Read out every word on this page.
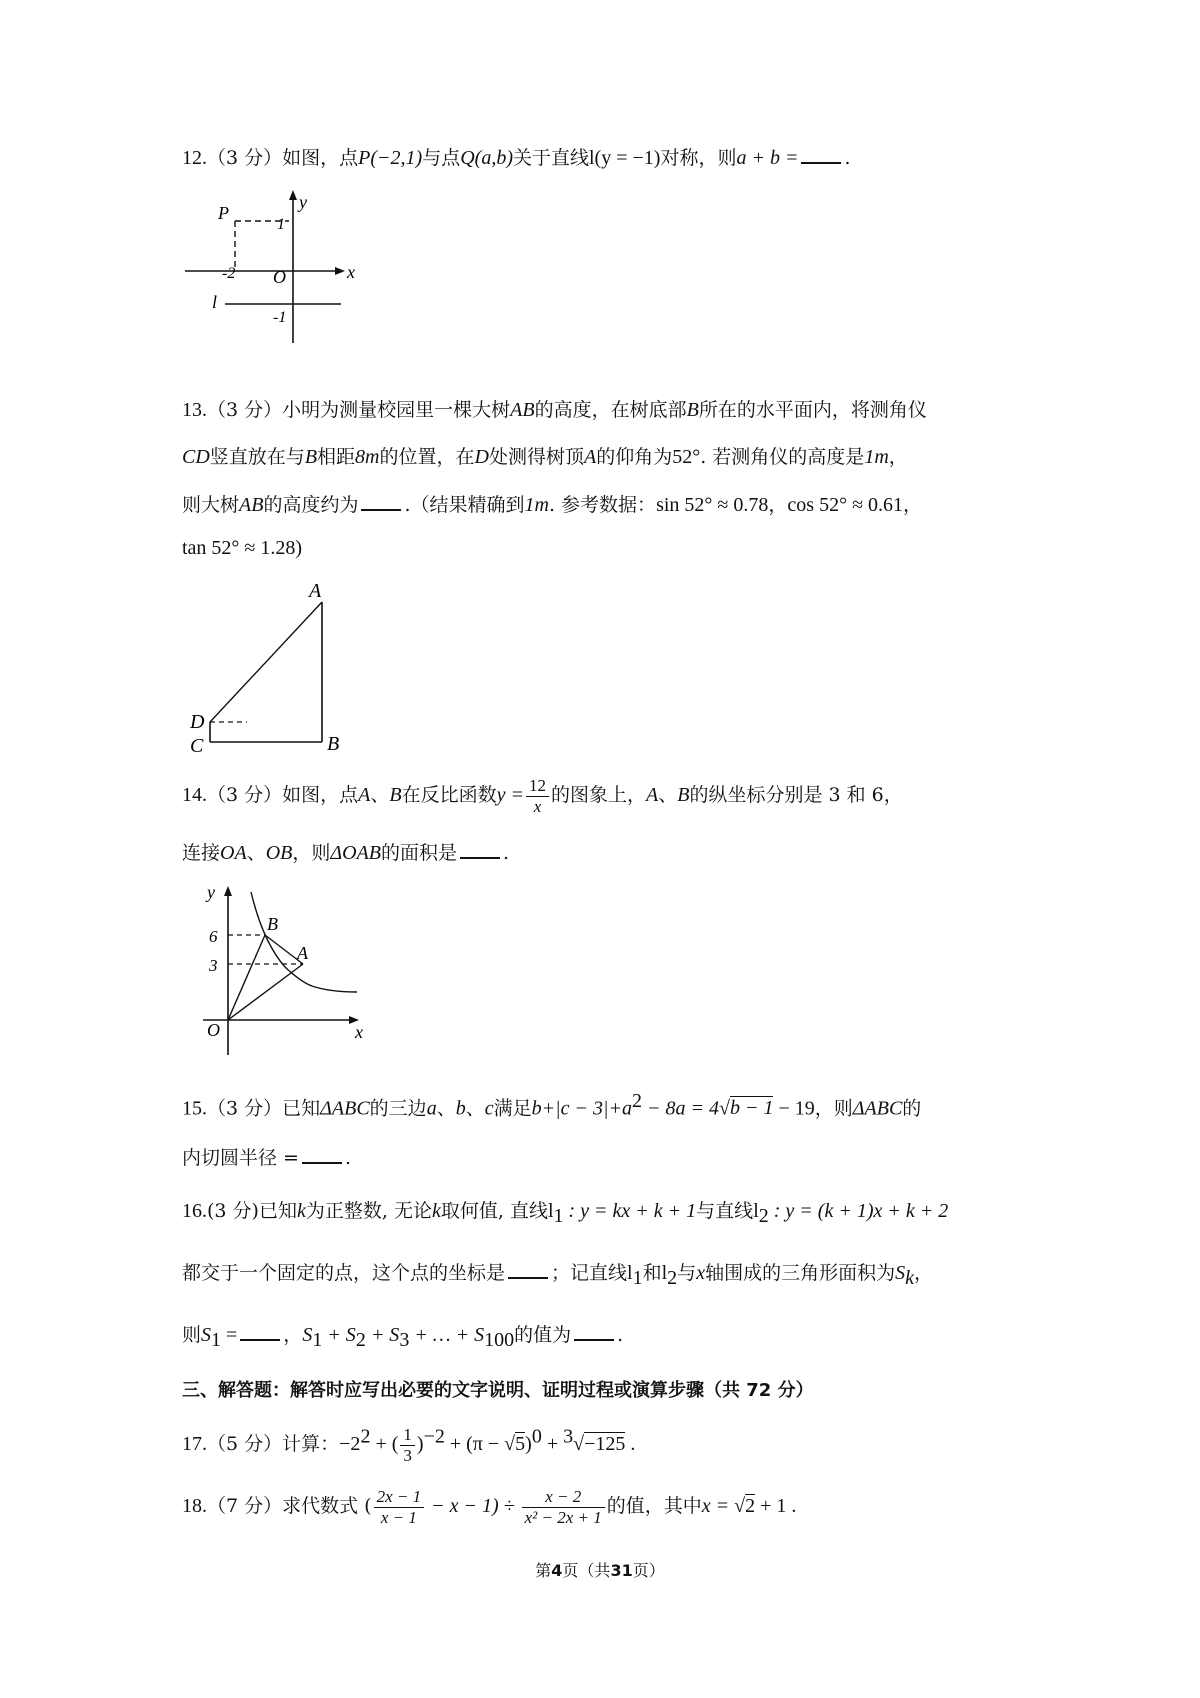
12.（3 分）如图，点P(−2,1)与点Q(a,b)关于直线l(y = −1)对称，则a + b = .
P
1
y
-2 O	x
l
-1
13.（3 分）小明为测量校园里一棵大树AB的高度，在树底部B所在的水平面内，将测角仪
CD竖直放在与B相距8m的位置，在D处测得树顶A的仰角为52°. 若测角仪的高度是1m，
则大树AB的高度约为 .（结果精确到1m. 参考数据：sin 52° ≈ 0.78，cos 52° ≈ 0.61，
tan 52° ≈ 1.28)
A
D
C	B
14.（3 分）如图，点A、B在反比函数$y = \frac{12}{x}$ 的图象上，A、B的纵坐标分别是 3 和 6，
连接OA、OB，则ΔOAB的面积是 .
y
6
3
B
A
O	x
15.（3 分）已知ΔABC的三边a、b、c满足$b+|c - 3|+a^2 - 8a = 4√b - 1 - 19$，则ΔABC的
内切圆半径 = .
16.(3 分)已知k为正整数, 无论k取何值, 直线$l_1$ : y = kx + k + 1与直线$l_2$ : y = (k + 1)x + k + 2
都交于一个固定的点，这个点的坐标是 ；记直线$l_1$和$l_2$与x轴围成的三角形面积为$S_k$，
则$S_1$ = ，$S_1 + S_2 + S_3$ + … + $S_{100}$的值为 .
三、解答题：解答时应写出必要的文字说明、证明过程或演算步骤（共 72 分）
17.（5 分）计算：$-2^2$ + ( $\frac{1}{3} )^{-2} + (\pi - √5)^0 + ^3√-125$ .
18.（7 分）求代数式 ( $\frac{2x - 1}{x - 1} - x - 1) \div \frac{x - 2}{\text{x² − 2x + 1}}$ 的值，其中x = √2 + 1 .
第4页（共31页）
